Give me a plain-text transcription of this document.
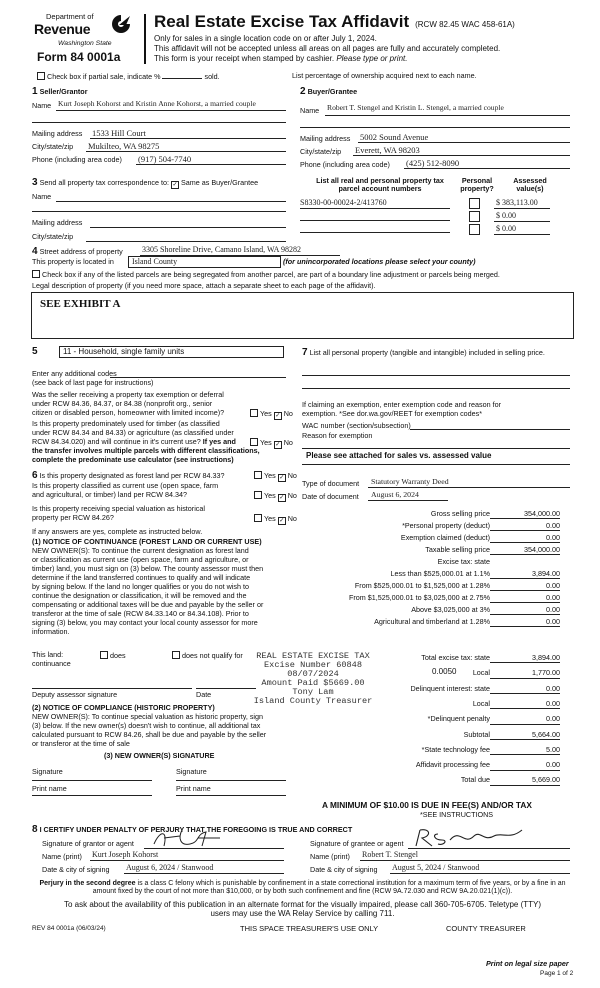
Department of
Revenue
Washington State
Form 84 0001a
Real Estate Excise Tax Affidavit (RCW 82.45 WAC 458-61A)
Only for sales in a single location code on or after July 1, 2024.
This affidavit will not be accepted unless all areas on all pages are fully and accurately completed.
This form is your receipt when stamped by cashier. Please type or print.
Check box if partial sale, indicate %	sold.	List percentage of ownership acquired next to each name.
1 Seller/Grantor
Name Kurt Joseph Kohorst and Kristin Anne Kohorst, a married couple
Mailing address 1533 Hill Court
City/state/zip Mukilteo, WA 98275
Phone (including area code) (917) 504-7740
2 Buyer/Grantee
Name Robert T. Stengel and Kristin L. Stengel, a married couple
Mailing address 5002 Sound Avenue
City/state/zip Everett, WA 98203
Phone (including area code) (425) 512-8090
3 Send all property tax correspondence to: ✓ Same as Buyer/Grantee
Name
Mailing address
City/state/zip
List all real and personal property tax parcel account numbers
Personal property?
Assessed value(s)
S8330-00-00024-2/413760	$ 383,113.00
$ 0.00
$ 0.00
4 Street address of property 3305 Shoreline Drive, Camano Island, WA 98282
This property is located in	Island County	(for unincorporated locations please select your county)
Check box if any of the listed parcels are being segregated from another parcel, are part of a boundary line adjustment or parcels being merged.
Legal description of property (if you need more space, attach a separate sheet to each page of the affidavit).
SEE EXHIBIT A
5	11 - Household, single family units
Enter any additional codes
(see back of last page for instructions)
Was the seller receiving a property tax exemption or deferral
under RCW 84.36, 84.37, or 84.38 (nonprofit org., senior
citizen or disabled person, homeowner with limited income)?	Yes ✓ No
Is this property predominately used for timber (as classified
under RCW 84.34 and 84.33) or agriculture (as classified under
RCW 84.34.020) and will continue in it's current use? If yes and
the transfer involves multiple parcels with different classifications,
complete the predominate use calculator (see instructions)
Yes ✓ No
6 Is this property designated as forest land per RCW 84.33?	Yes ✓ No
Is this property classified as current use (open space, farm
and agricultural, or timber) land per RCW 84.34?	Yes ✓ No
Is this property receiving special valuation as historical
property per RCW 84.26?	Yes ✓ No
If any answers are yes, complete as instructed below.
(1) NOTICE OF CONTINUANCE (FOREST LAND OR CURRENT USE)
NEW OWNER(S): To continue the current designation as forest land
or classification as current use (open space, farm and agriculture, or
timber) land, you must sign on (3) below. The county assessor must then
determine if the land transferred continues to qualify and will indicate
by signing below. If the land no longer qualifies or you do not wish to
continue the designation or classification, it will be removed and the
compensating or additional taxes will be due and payable by the seller or
transferor at the time of sale (RCW 84.33.140 or 84.34.108). Prior to
signing (3) below, you may contact your local county assessor for more
information.
This land:
continuance
does	does not qualify for
Deputy assessor signature	Date
(2) NOTICE OF COMPLIANCE (HISTORIC PROPERTY)
NEW OWNER(S): To continue special valuation as historic property, sign
(3) below. If the new owner(s) doesn't wish to continue, all additional tax
calculated pursuant to RCW 84.26, shall be due and payable by the seller
or transferor at the time of sale
(3) NEW OWNER(S) SIGNATURE
Signature	Signature
Print name	Print name
7 List all personal property (tangible and intangible) included in selling price.
If claiming an exemption, enter exemption code and reason for
exemption. *See dor.wa.gov/REET for exemption codes*
WAC number (section/subsection)
Reason for exemption
Please see attached for sales vs. assessed value
Type of document Statutory Warranty Deed
Date of document August 6, 2024
Gross selling price	354,000.00
*Personal property (deduct)	0.00
Exemption claimed (deduct)	0.00
Taxable selling price	354,000.00
Excise tax: state
Less than $525,000.01 at 1.1%	3,894.00
From $525,000.01 to $1,525,000 at 1.28%	0.00
From $1,525,000.01 to $3,025,000 at 2.75%	0.00
Above $3,025,000 at 3%	0.00
Agricultural and timberland at 1.28%	0.00
Total excise tax: state	3,894.00
Local	1,770.00
Delinquent interest: state	0.00
Local	0.00
*Delinquent penalty	0.00
Subtotal	5,664.00
*State technology fee	5.00
Affidavit processing fee	0.00
Total due	5,669.00
0.0050
REAL ESTATE EXCISE TAX
Excise Number 60848
08/07/2024
Amount Paid $5669.00
Tony Lam
Island County Treasurer
A MINIMUM OF $10.00 IS DUE IN FEE(S) AND/OR TAX
*SEE INSTRUCTIONS
8 I CERTIFY UNDER PENALTY OF PERJURY THAT THE FOREGOING IS TRUE AND CORRECT
Signature of grantor or agent
Name (print) Kurt Joseph Kohorst
Date & city of signing August 6, 2024 / Stanwood
Signature of grantee or agent
Name (print) Robert T. Stengel
Date & city of signing August 5, 2024 / Stanwood
Perjury in the second degree is a class C felony which is punishable by confinement in a state correctional institution for a maximum term of five years, or by a fine in an amount fixed by the court of not more than $10,000, or by both such confinement and fine (RCW 9A.72.030 and RCW 9A.20.021(1)(c)).
To ask about the availability of this publication in an alternate format for the visually impaired, please call 360-705-6705. Teletype (TTY) users may use the WA Relay Service by calling 711.
REV 84 0001a (06/03/24)	THIS SPACE TREASURER'S USE ONLY	COUNTY TREASURER
Print on legal size paper
Page 1 of 2
